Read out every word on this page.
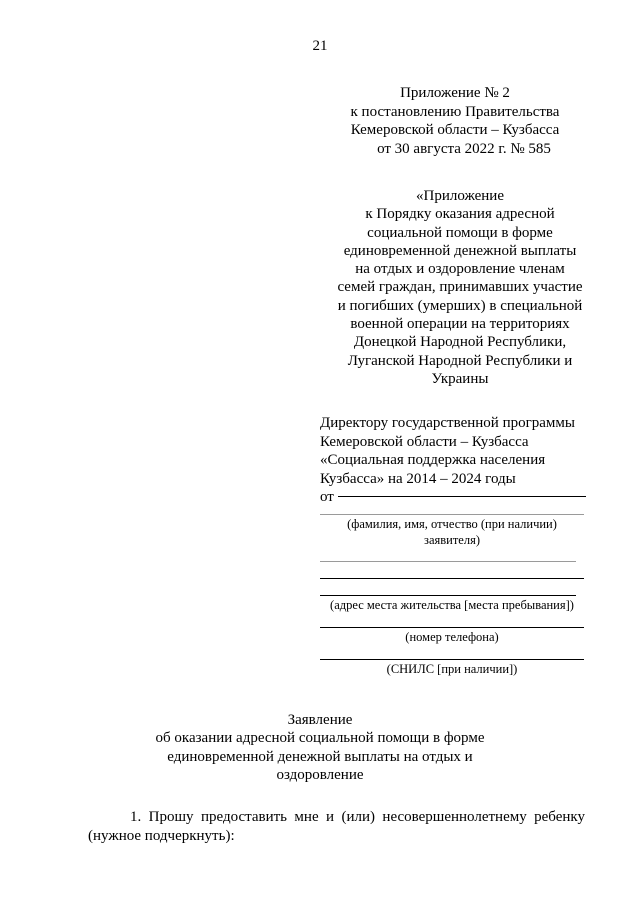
21
Приложение № 2
к постановлению Правительства
Кемеровской области – Кузбасса
от 30 августа 2022 г. № 585
«Приложение
к Порядку оказания адресной
социальной помощи в форме
единовременной денежной выплаты
на отдых и оздоровление членам
семей граждан, принимавших участие
и погибших (умерших) в специальной
военной операции на территориях
Донецкой Народной Республики,
Луганской Народной Республики и
Украины
Директору государственной программы
Кемеровской области – Кузбасса
«Социальная поддержка населения
Кузбасса» на 2014 – 2024 годы
от
(фамилия, имя, отчество (при наличии)
заявителя)
(адрес места жительства [места пребывания])
(номер телефона)
(СНИЛС [при наличии])
Заявление
об оказании адресной социальной помощи в форме
единовременной денежной выплаты на отдых и
оздоровление
1. Прошу предоставить мне и (или) несовершеннолетнему ребенку
(нужное подчеркнуть):
